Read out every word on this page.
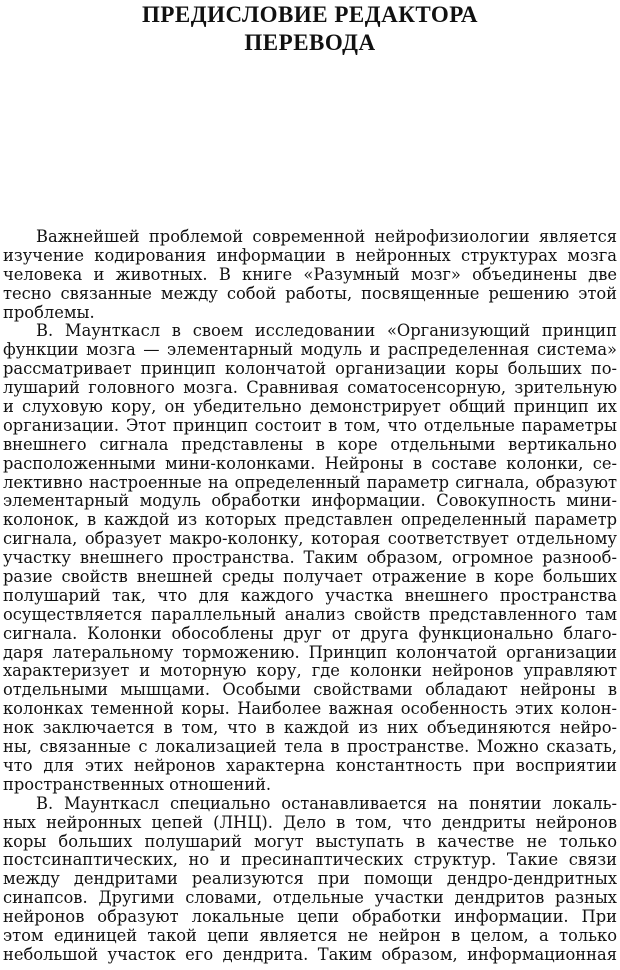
ПРЕДИСЛОВИЕ РЕДАКТОРА
ПЕРЕВОДА
Важнейшей проблемой современной нейрофизиологии является
изучение кодирования информации в нейронных структурах мозга
человека и животных. В книге «Разумный мозг» объединены две
тесно связанные между собой работы, посвященные решению этой
проблемы.
В. Маунткасл в своем исследовании «Организующий принцип
функции мозга — элементарный модуль и распределенная система»
рассматривает принцип колончатой организации коры больших по-
лушарий головного мозга. Сравнивая соматосенсорную, зрительную
и слуховую кору, он убедительно демонстрирует общий принцип их
организации. Этот принцип состоит в том, что отдельные параметры
внешнего сигнала представлены в коре отдельными вертикально
расположенными мини-колонками. Нейроны в составе колонки, се-
лективно настроенные на определенный параметр сигнала, образуют
элементарный модуль обработки информации. Совокупность мини-
колонок, в каждой из которых представлен определенный параметр
сигнала, образует макро-колонку, которая соответствует отдельному
участку внешнего пространства. Таким образом, огромное разнооб-
разие свойств внешней среды получает отражение в коре больших
полушарий так, что для каждого участка внешнего пространства
осуществляется параллельный анализ свойств представленного там
сигнала. Колонки обособлены друг от друга функционально благо-
даря латеральному торможению. Принцип колончатой организации
характеризует и моторную кору, где колонки нейронов управляют
отдельными мышцами. Особыми свойствами обладают нейроны в
колонках теменной коры. Наиболее важная особенность этих колон-
нок заключается в том, что в каждой из них объединяются нейро-
ны, связанные с локализацией тела в пространстве. Можно сказать,
что для этих нейронов характерна константность при восприятии
пространственных отношений.
В. Маунткасл специально останавливается на понятии локаль-
ных нейронных цепей (ЛНЦ). Дело в том, что дендриты нейронов
коры больших полушарий могут выступать в качестве не только
постсинаптических, но и пресинаптических структур. Такие связи
между дендритами реализуются при помощи дендро-дендритных
синапсов. Другими словами, отдельные участки дендритов разных
нейронов образуют локальные цепи обработки информации. При
этом единицей такой цепи является не нейрон в целом, а только
небольшой участок его дендрита. Таким образом, информационная
